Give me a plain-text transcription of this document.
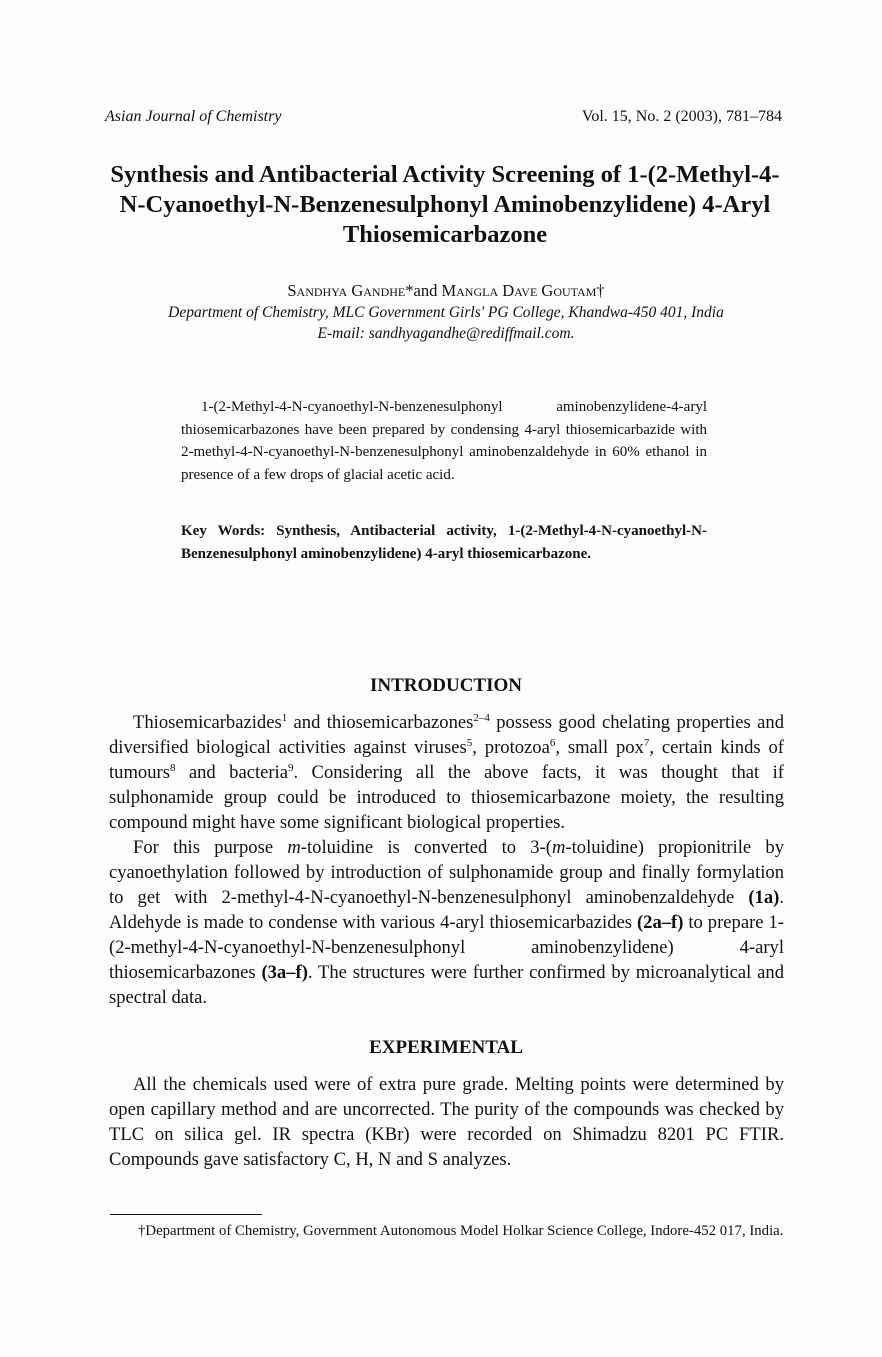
Asian Journal of Chemistry	Vol. 15, No. 2 (2003), 781–784
Synthesis and Antibacterial Activity Screening of 1-(2-Methyl-4-N-Cyanoethyl-N-Benzenesulphonyl Aminobenzylidene) 4-Aryl Thiosemicarbazone
Sandhya Gandhe*and Mangla Dave Goutam†
Department of Chemistry, MLC Government Girls' PG College, Khandwa-450 401, India
E-mail: sandhyagandhe@rediffmail.com.
1-(2-Methyl-4-N-cyanoethyl-N-benzenesulphonyl aminobenzylidene-4-aryl thiosemicarbazones have been prepared by condensing 4-aryl thiosemicarbazide with 2-methyl-4-N-cyanoethyl-N-benzenesulphonyl aminobenzaldehyde in 60% ethanol in presence of a few drops of glacial acetic acid.
Key Words: Synthesis, Antibacterial activity, 1-(2-Methyl-4-N-cyanoethyl-N-Benzenesulphonyl aminobenzylidene) 4-aryl thiosemicarbazone.
INTRODUCTION

Thiosemicarbazides$^1$ and thiosemicarbazones$^{2-4}$ possess good chelating properties and diversified biological activities against viruses$^5$, protozoa$^6$, small pox$^7$, certain kinds of tumours$^8$ and bacteria$^9$. Considering all the above facts, it was thought that if sulphonamide group could be introduced to thiosemicarbazone moiety, the resulting compound might have some significant biological properties.

For this purpose m-toluidine is converted to 3-(m-toluidine) propionitrile by cyanoethylation followed by introduction of sulphonamide group and finally formylation to get with 2-methyl-4-N-cyanoethyl-N-benzenesulphonyl aminobenzaldehyde (1a). Aldehyde is made to condense with various 4-aryl thiosemicarbazides (2a–f) to prepare 1-(2-methyl-4-N-cyanoethyl-N-benzenesulphonyl aminobenzylidene) 4-aryl thiosemicarbazones (3a–f). The structures were further confirmed by microanalytical and spectral data.

EXPERIMENTAL

All the chemicals used were of extra pure grade. Melting points were determined by open capillary method and are uncorrected. The purity of the compounds was checked by TLC on silica gel. IR spectra (KBr) were recorded on Shimadzu 8201 PC FTIR. Compounds gave satisfactory C, H, N and S analyzes.

†Department of Chemistry, Government Autonomous Model Holkar Science College, Indore-452 017, India.
